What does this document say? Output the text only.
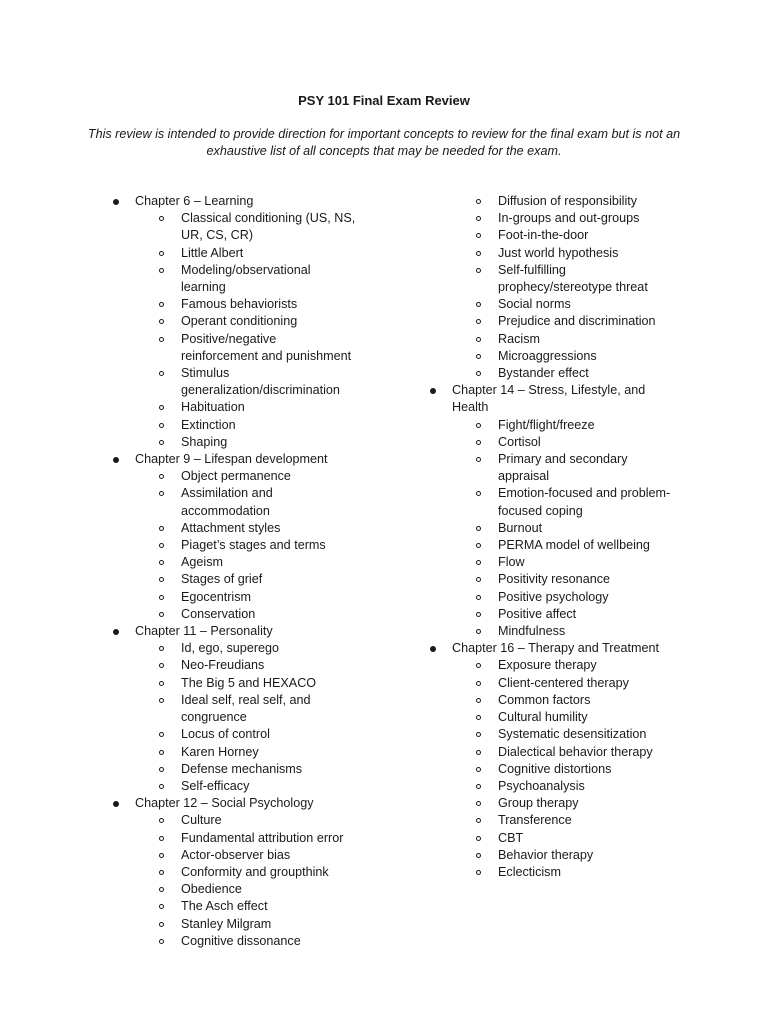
PSY 101 Final Exam Review
This review is intended to provide direction for important concepts to review for the final exam but is not an exhaustive list of all concepts that may be needed for the exam.
Chapter 6 – Learning
Classical conditioning (US, NS, UR, CS, CR)
Little Albert
Modeling/observational learning
Famous behaviorists
Operant conditioning
Positive/negative reinforcement and punishment
Stimulus generalization/discrimination
Habituation
Extinction
Shaping
Chapter 9 – Lifespan development
Object permanence
Assimilation and accommodation
Attachment styles
Piaget’s stages and terms
Ageism
Stages of grief
Egocentrism
Conservation
Chapter 11 – Personality
Id, ego, superego
Neo-Freudians
The Big 5 and HEXACO
Ideal self, real self, and congruence
Locus of control
Karen Horney
Defense mechanisms
Self-efficacy
Chapter 12 – Social Psychology
Culture
Fundamental attribution error
Actor-observer bias
Conformity and groupthink
Obedience
The Asch effect
Stanley Milgram
Cognitive dissonance
Diffusion of responsibility
In-groups and out-groups
Foot-in-the-door
Just world hypothesis
Self-fulfilling prophecy/stereotype threat
Social norms
Prejudice and discrimination
Racism
Microaggressions
Bystander effect
Chapter 14 – Stress, Lifestyle, and Health
Fight/flight/freeze
Cortisol
Primary and secondary appraisal
Emotion-focused and problem-focused coping
Burnout
PERMA model of wellbeing
Flow
Positivity resonance
Positive psychology
Positive affect
Mindfulness
Chapter 16 – Therapy and Treatment
Exposure therapy
Client-centered therapy
Common factors
Cultural humility
Systematic desensitization
Dialectical behavior therapy
Cognitive distortions
Psychoanalysis
Group therapy
Transference
CBT
Behavior therapy
Eclecticism
